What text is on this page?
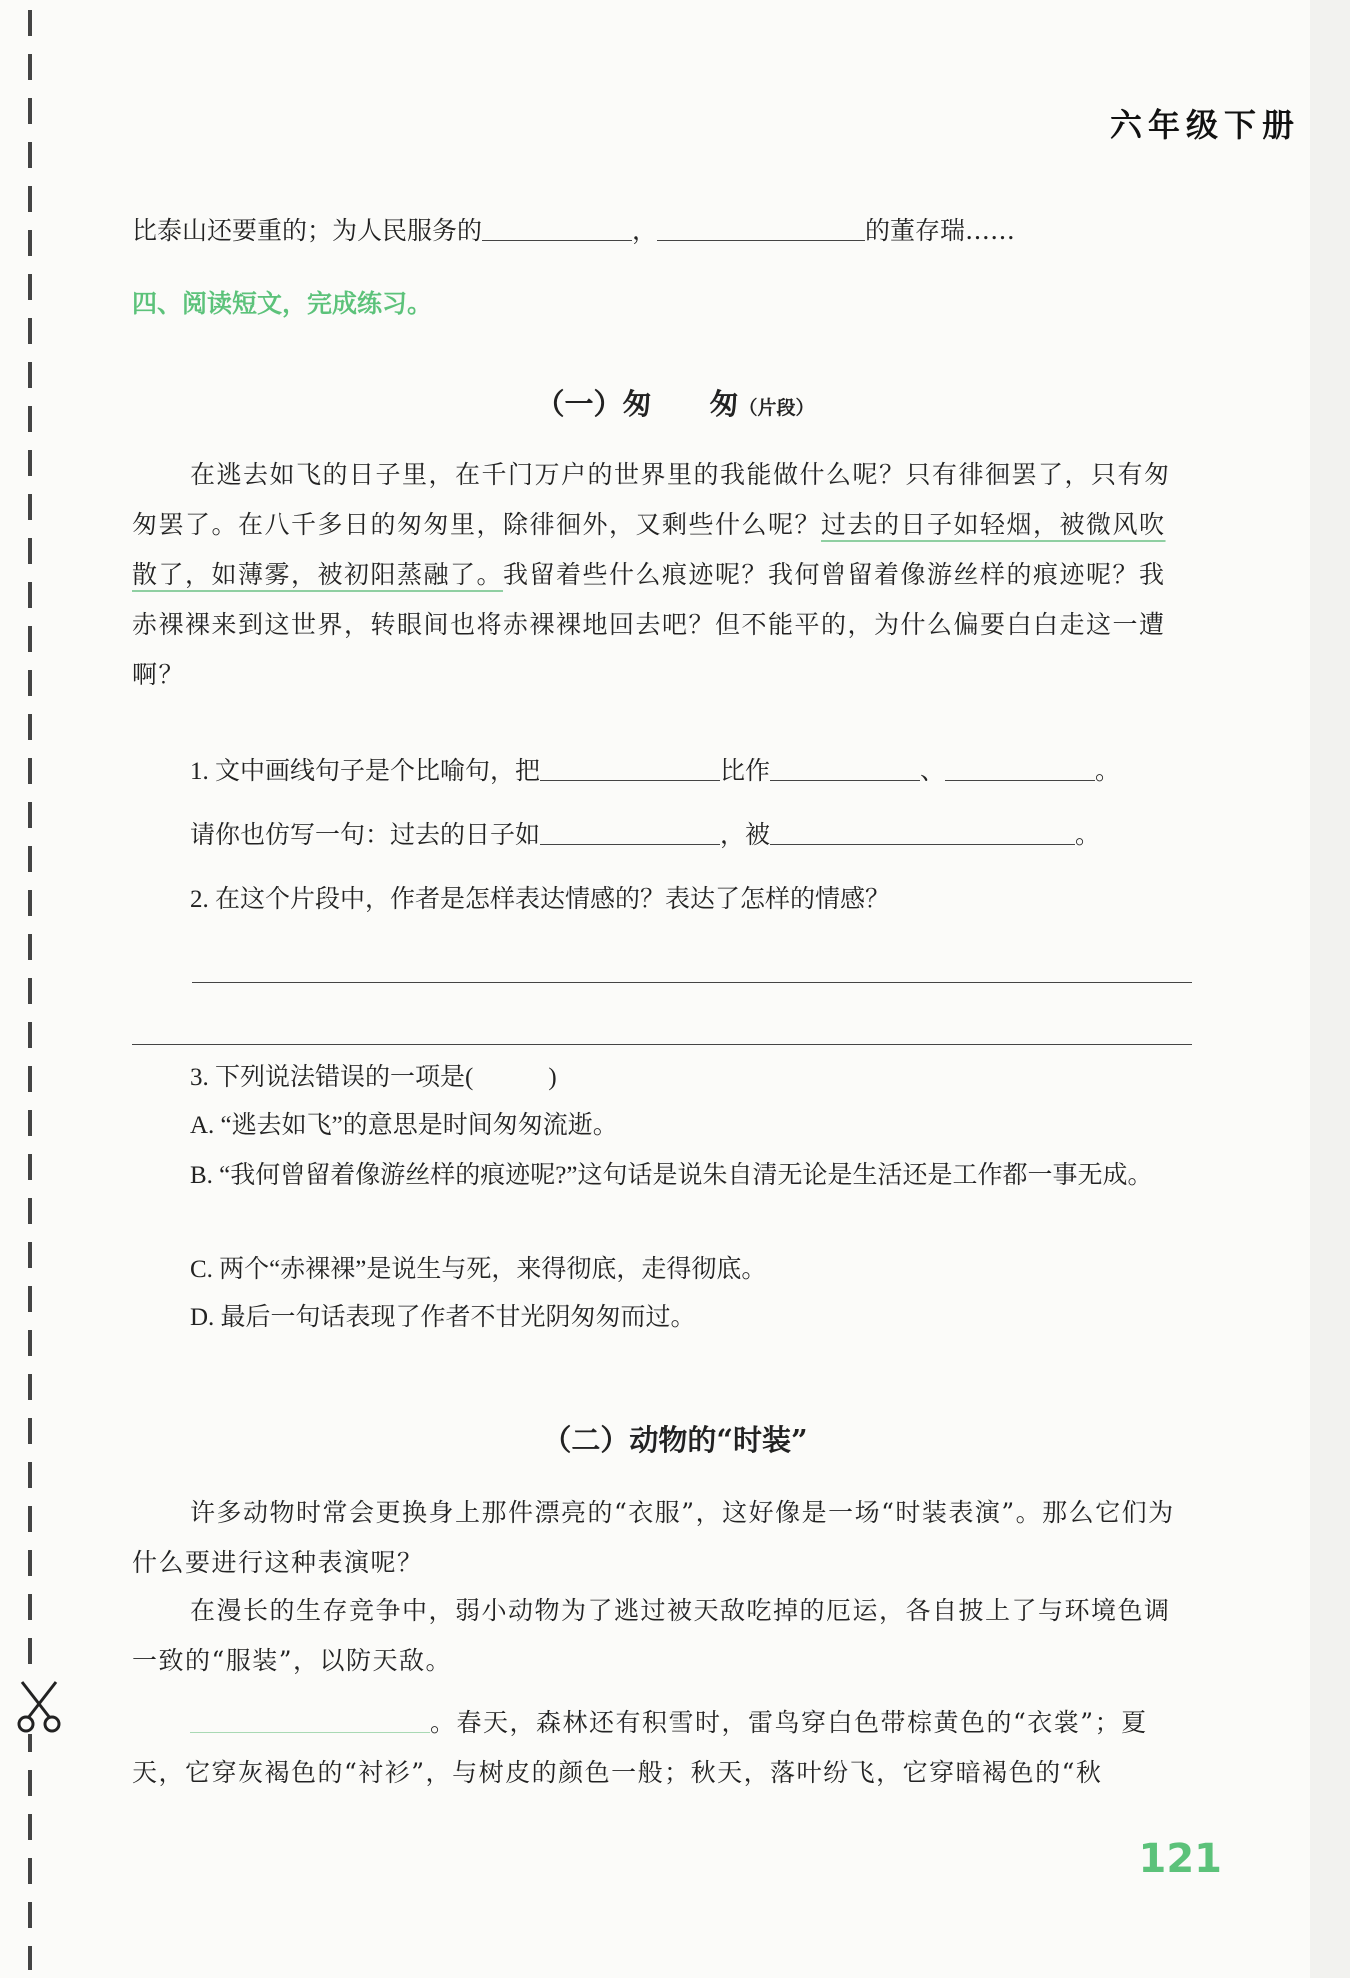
六年级下册

比泰山还要重的；为人民服务的	，	的董存瑞……

四、阅读短文，完成练习。
（一）匆　　匆（片段）

在逃去如飞的日子里，在千门万户的世界里的我能做什么呢？只有徘徊罢了，只有匆匆罢了。在八千多日的匆匆里，除徘徊外，又剩些什么呢？过去的日子如轻烟，被微风吹散了，如薄雾，被初阳蒸融了。我留着些什么痕迹呢？我何曾留着像游丝样的痕迹呢？我赤裸裸来到这世界，转眼间也将赤裸裸地回去吧？但不能平的，为什么偏要白白走这一遭啊？

1. 文中画线句子是个比喻句，把	比作	、	。

请你也仿写一句：过去的日子如	，被	。

2. 在这个片段中，作者是怎样表达情感的？表达了怎样的情感？

3. 下列说法错误的一项是(　　　)

A. “逃去如飞”的意思是时间匆匆流逝。

B. “我何曾留着像游丝样的痕迹呢?”这句话是说朱自清无论是生活还是工作都一事无成。

C. 两个“赤裸裸”是说生与死，来得彻底，走得彻底。

D. 最后一句话表现了作者不甘光阴匆匆而过。

（二）动物的“时装”

许多动物时常会更换身上那件漂亮的“衣服”，这好像是一场“时装表演”。那么它们为什么要进行这种表演呢？

在漫长的生存竞争中，弱小动物为了逃过被天敌吃掉的厄运，各自披上了与环境色调一致的“服装”，以防天敌。

。春天，森林还有积雪时，雷鸟穿白色带棕黄色的“衣裳”；夏天，它穿灰褐色的“衬衫”，与树皮的颜色一般；秋天，落叶纷飞，它穿暗褐色的“秋

121
